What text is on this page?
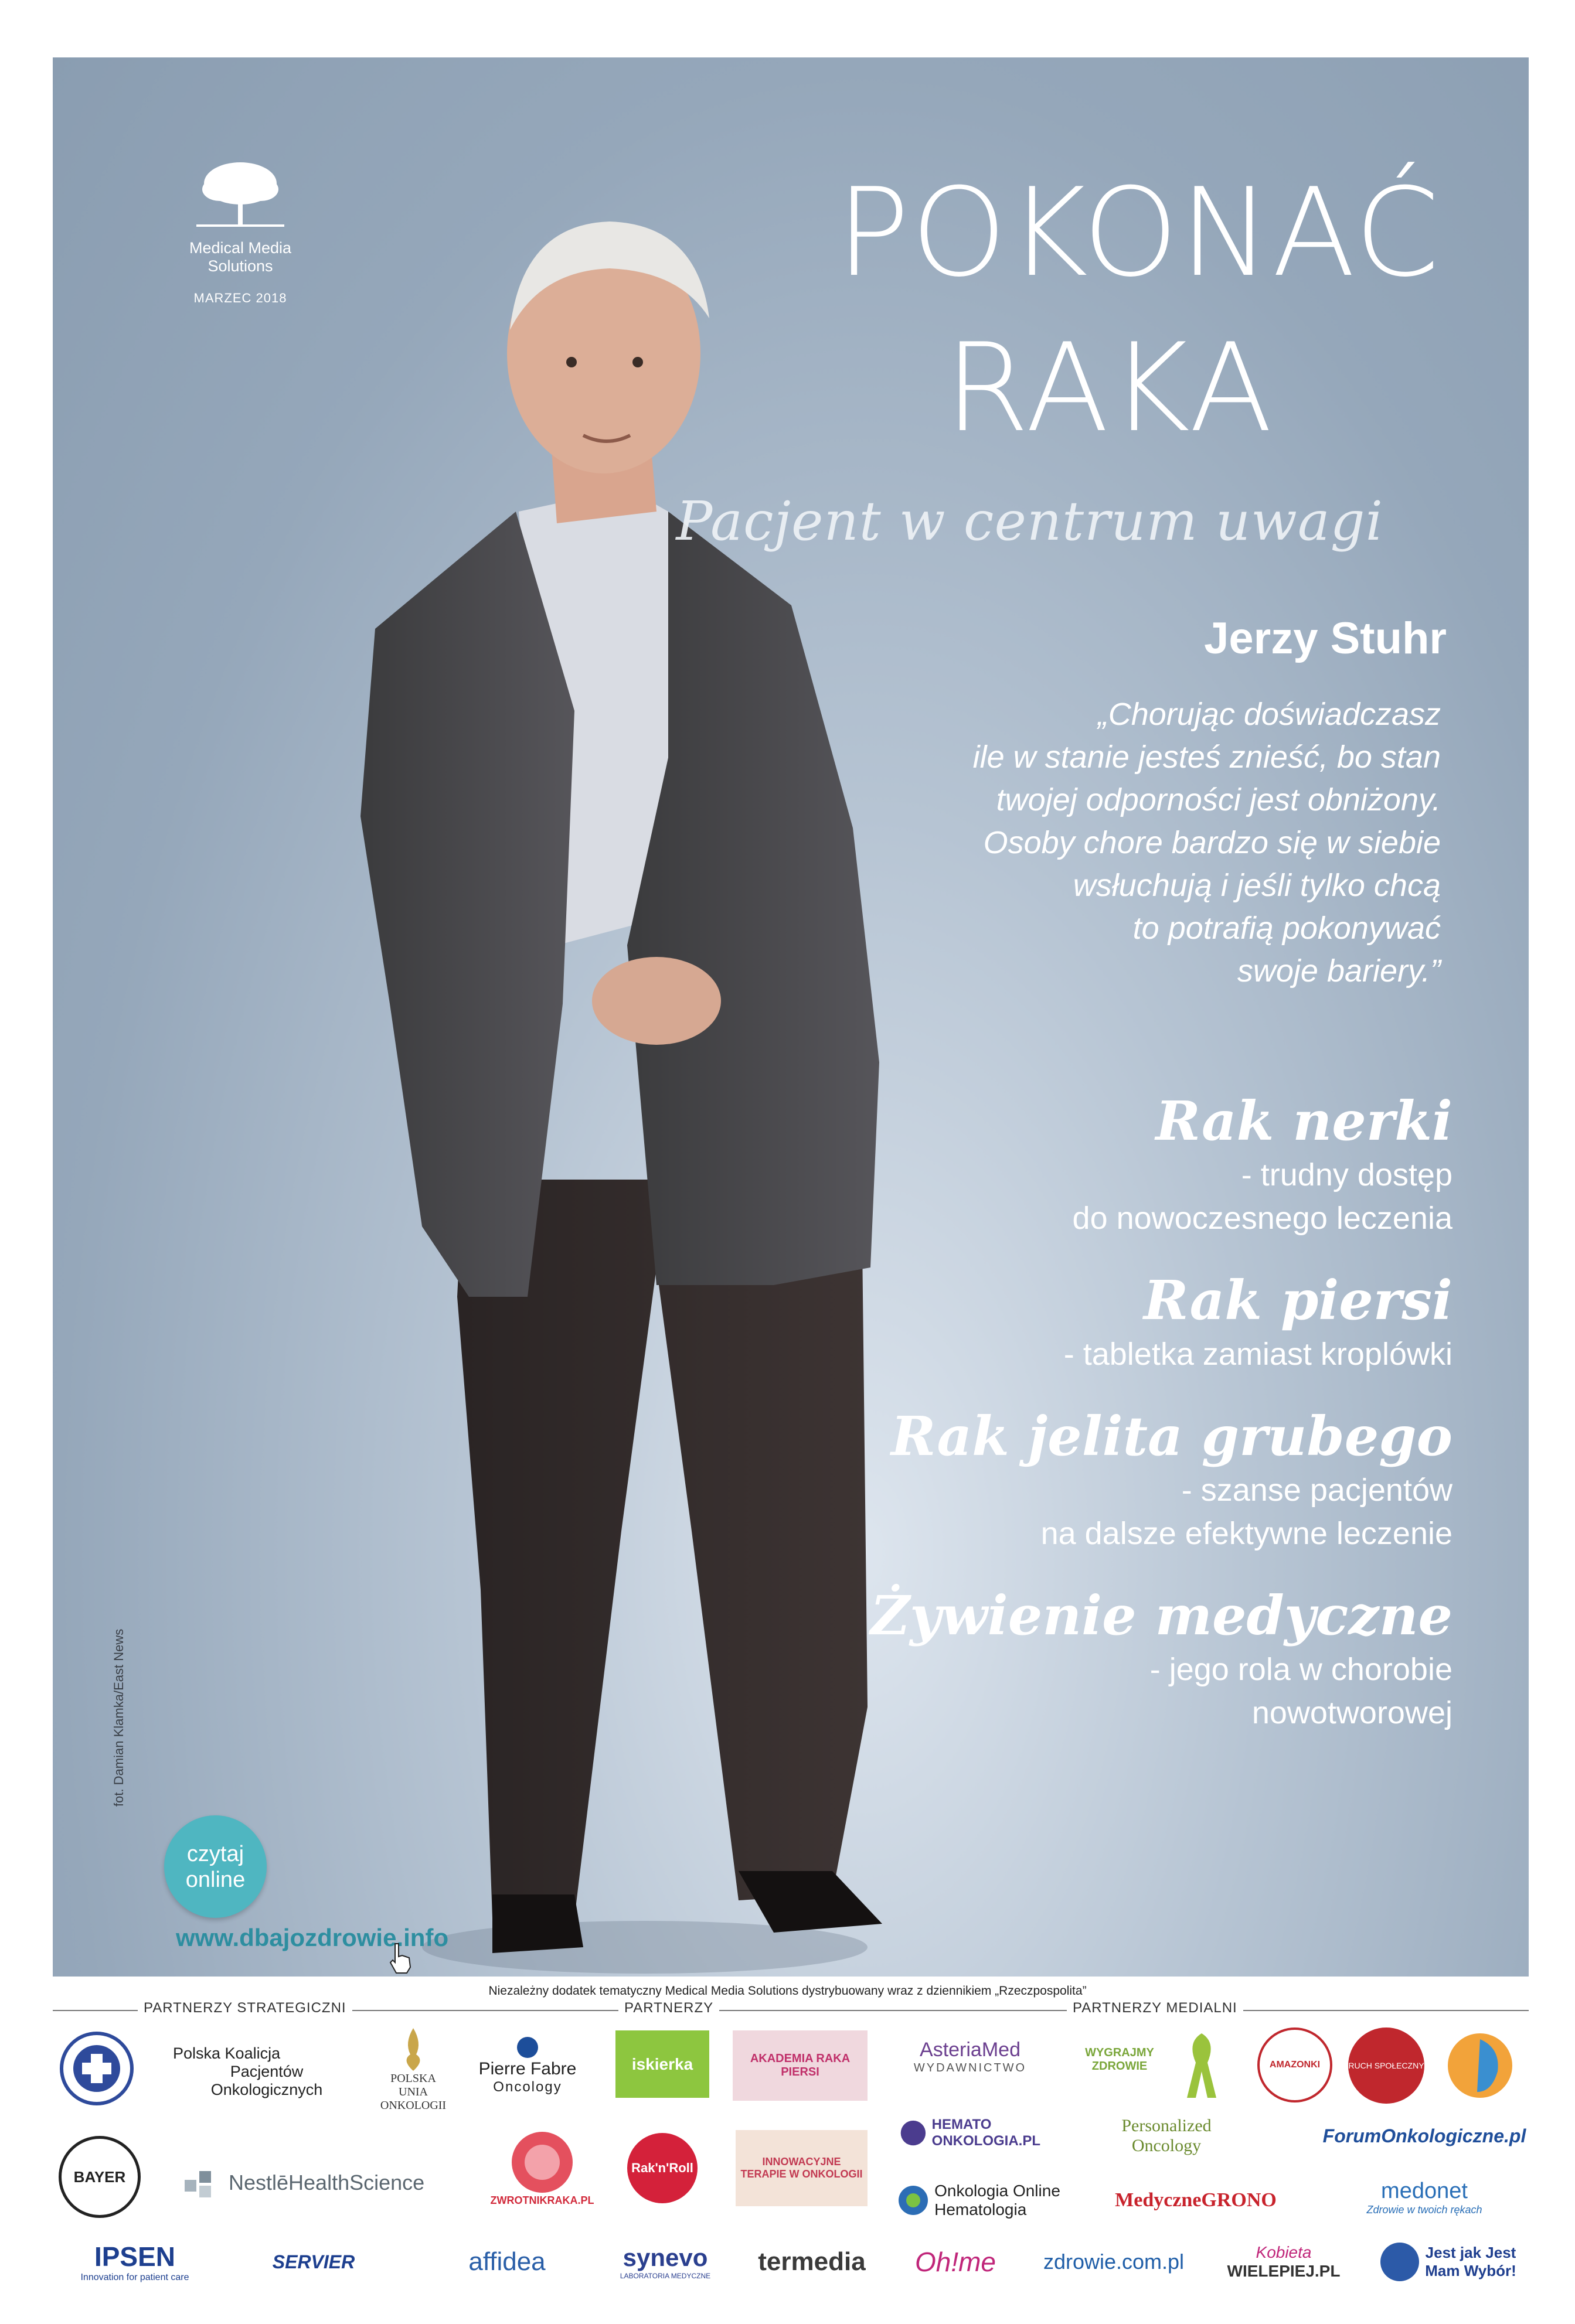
Medical Media Solutions
MARZEC 2018	POKONAĆ
RAKA
Pacjent w centrum uwagi
Jerzy Stuhr
„Chorując doświadczasz
ile w stanie jesteś znieść, bo stan
twojej odporności jest obniżony.
Osoby chore bardzo się w siebie
wsłuchują i jeśli tylko chcą
to potrafią pokonywać
swoje bariery.”
Rak nerki
- trudny dostęp
do nowoczesnego leczenia
Rak piersi
- tabletka zamiast kroplówki
Rak jelita grubego
- szanse pacjentów
na dalsze efektywne leczenie
Żywienie medyczne
- jego rola w chorobie
nowotworowej
fot. Damian Klamka/East News
czytaj
online
www.dbajozdrowie.info
Niezależny dodatek tematyczny Medical Media Solutions dystrybuowany wraz z dziennikiem „Rzeczpospolita”
PARTNERZY STRATEGICZNI	PARTNERZY	PARTNERZY MEDIALNI
Polska Koalicja
Pacjentów Onkologicznych
POLSKA
UNIA
ONKOLOGII
Pierre Fabre
Oncology
iskierka	AKADEMIA RAKA PIERSI
AsteriaMed
WYDAWNICTWO
WYGRAJMY ZDROWIE	AMAZONKI	RUCH SPOŁECZNY
BAYER	NestlēHealthScience
ZWROTNIKRAKA.PL
Rak'n'Roll	INNOWACYJNE
TERAPIE W ONKOLOGII
HEMATO
ONKOLOGIA.PL
Personalized
Oncology	ForumOnkologiczne.pl
Onkologia Online
Hematologia	MedyczneGRONO	medonet
Zdrowie w twoich rękach
IPSEN
Innovation for patient care
SERVIER	affidea	synevo
LABORATORIA MEDYCZNE termedia Oh!me zdrowie.com.pl	Kobieta
WIELEPIEJ.PL
Jest jak Jest
Mam Wybór!
